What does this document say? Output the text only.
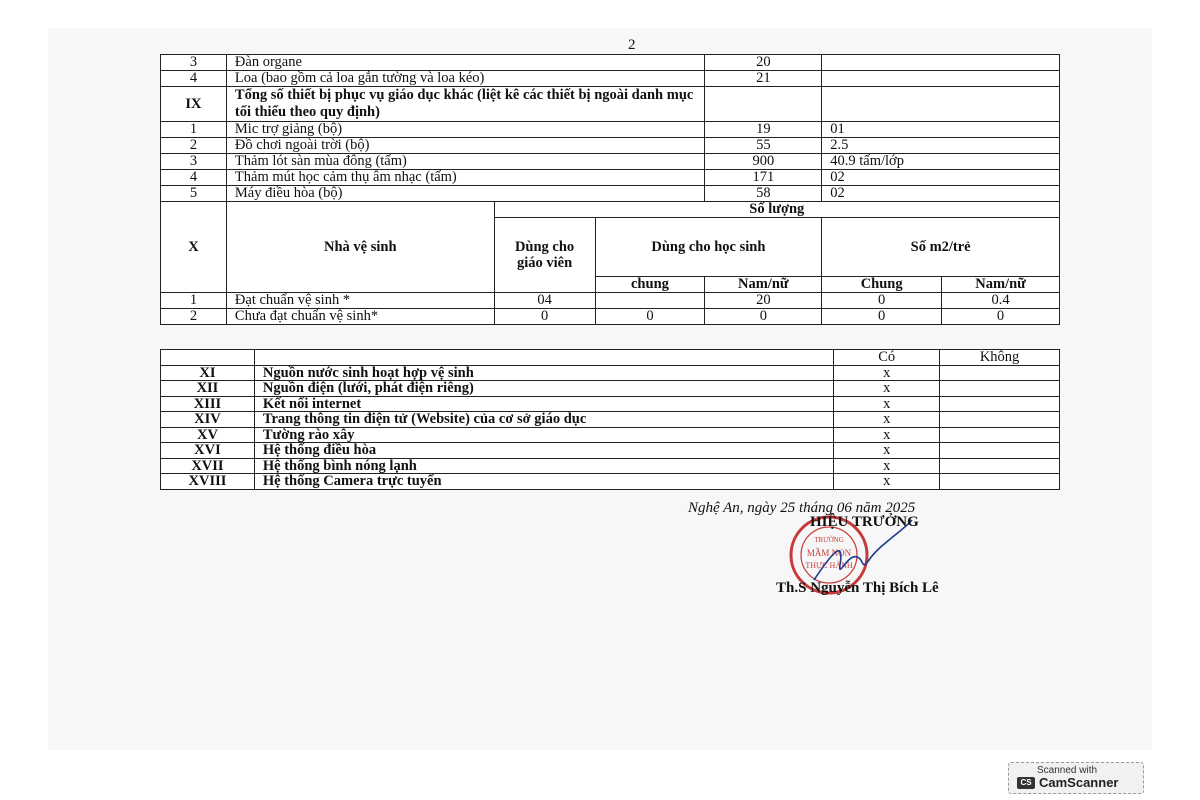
2
3	Đàn organe			20		
4	Loa (bao gồm cả loa gắn tường và loa kéo)			21		
IX	Tổng số thiết bị phục vụ giáo dục khác (liệt kê các thiết bị ngoài danh mục tối thiểu theo quy định)					
1	Mic trợ giảng (bộ)			19	01	
2	Đồ chơi ngoài trời (bộ)			55	2.5	
3	Thảm lót sàn mùa đông (tấm)			900	40.9 tấm/lớp	
4	Thảm mút học cảm thụ âm nhạc (tấm)			171	02	
5	Máy điều hòa (bộ)			58	02	
X	Nhà vệ sinh	Số lượng				
		Dùng cho giáo viên	Dùng cho học sinh		Số m2/trẻ	
			chung	Nam/nữ	Chung	Nam/nữ
1	Đạt chuẩn vệ sinh *	04		20	0	0.4
2	Chưa đạt chuẩn vệ sinh*	0	0	0	0	0
		Có	Không
XI	Nguồn nước sinh hoạt hợp vệ sinh	x	
XII	Nguồn điện (lưới, phát điện riêng)	x	
XIII	Kết nối internet	x	
XIV	Trang thông tin điện tử (Website) của cơ sở giáo dục	x	
XV	Tường rào xây	x	
XVI	Hệ thống điều hòa	x	
XVII	Hệ thống bình nóng lạnh	x	
XVIII	Hệ thống Camera trực tuyến	x	
TRƯỜNG
MẦM NON
THỰC HÀNH
Nghệ An, ngày 25 tháng 06 năm 2025
HIỆU TRƯỞNG
Th.S Nguyễn Thị Bích Lê
Scanned with
CS CamScanner
